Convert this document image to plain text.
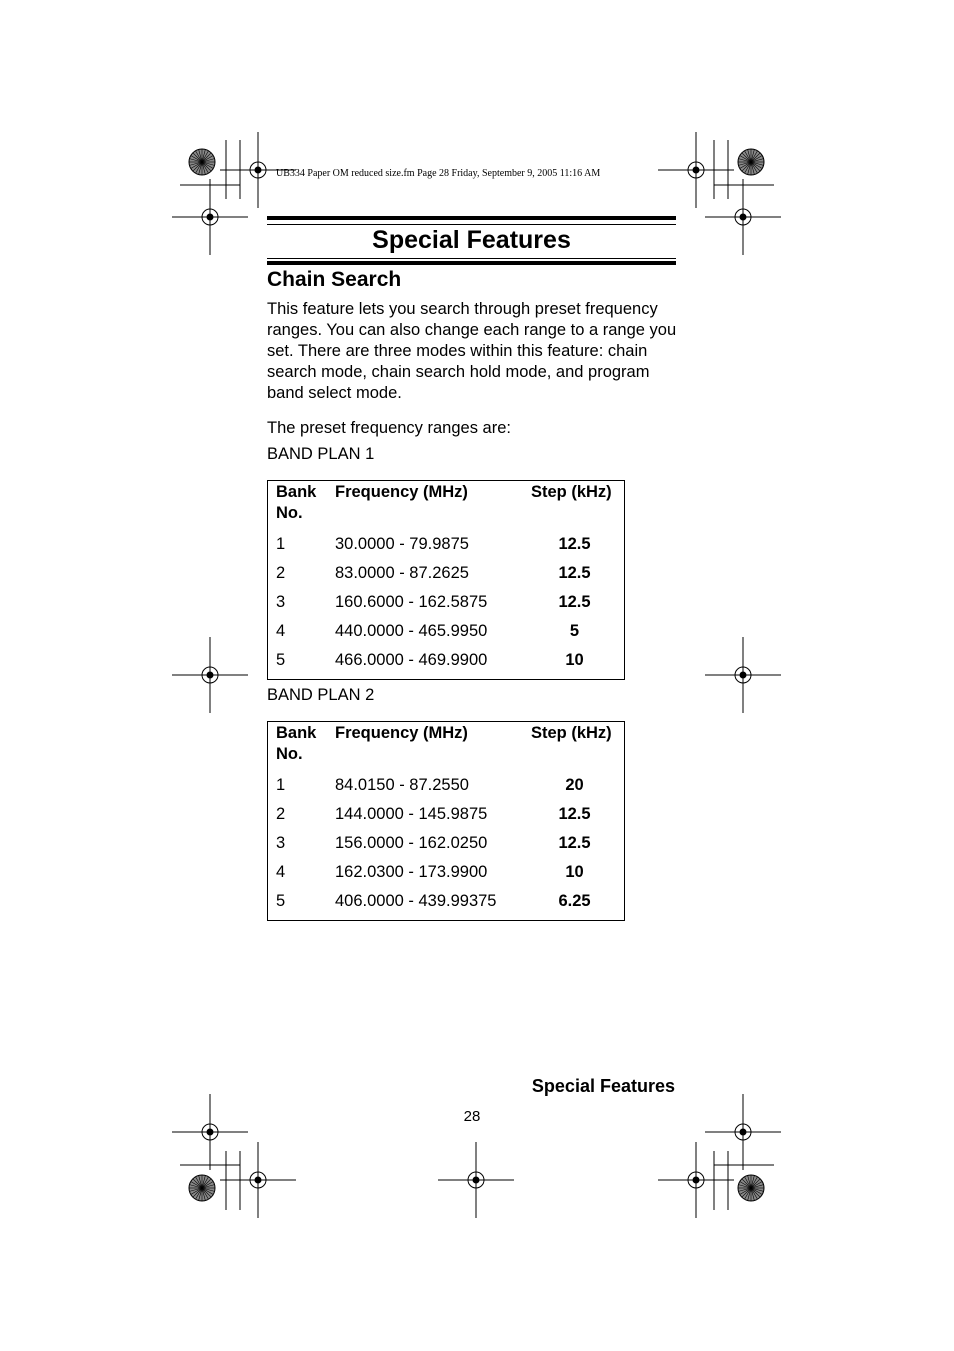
UB334 Paper OM reduced size.fm Page 28 Friday, September 9, 2005 11:16 AM
Special Features
Chain Search
This feature lets you search through preset frequency ranges. You can also change each range to a range you set. There are three modes within this feature: chain search mode, chain search hold mode, and program band select mode.
The preset frequency ranges are:
BAND PLAN 1
Bank No.	Frequency (MHz)	Step (kHz)
1	30.0000 - 79.9875	12.5
2	83.0000 - 87.2625	12.5
3	160.6000 - 162.5875	12.5
4	440.0000 - 465.9950	5
5	466.0000 - 469.9900	10
BAND PLAN 2
Bank No.	Frequency (MHz)	Step (kHz)
1	84.0150 - 87.2550	20
2	144.0000 - 145.9875	12.5
3	156.0000 - 162.0250	12.5
4	162.0300 - 173.9900	10
5	406.0000 - 439.99375	6.25
Special Features
28
